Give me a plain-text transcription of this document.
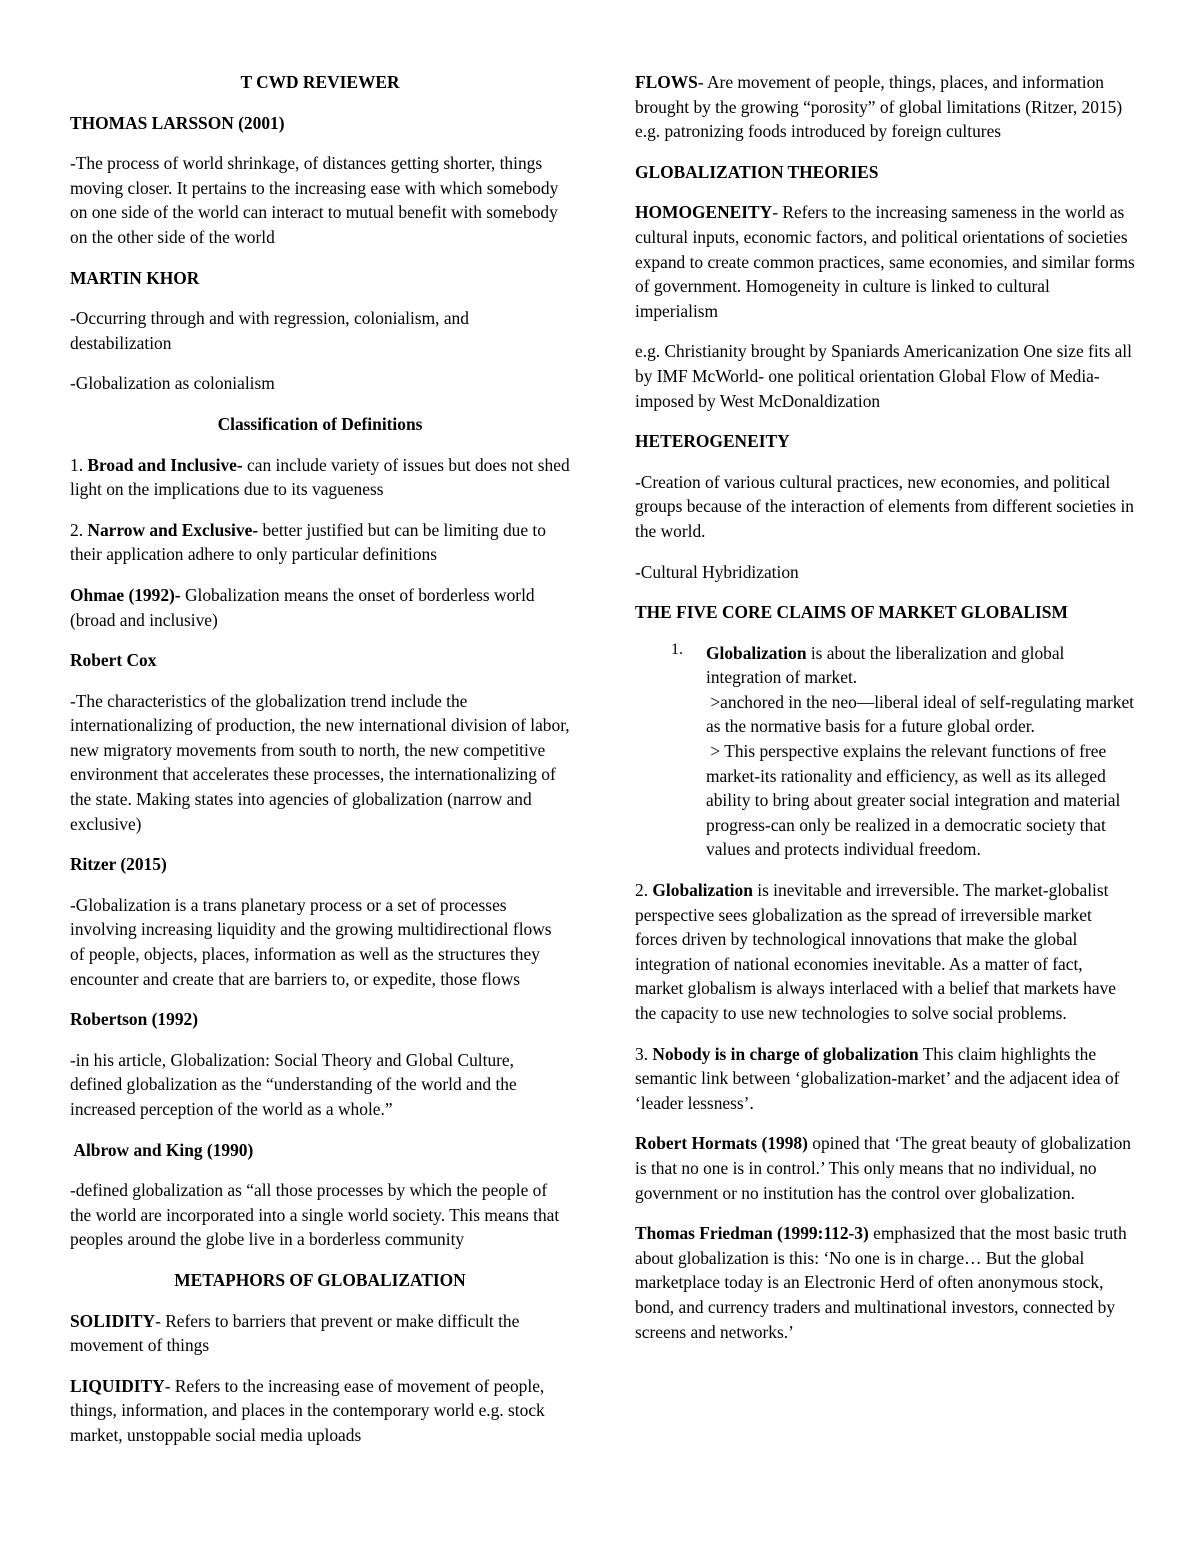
T CWD REVIEWER
THOMAS LARSSON (2001)

-The process of world shrinkage, of distances getting shorter, things moving closer. It pertains to the increasing ease with which somebody on one side of the world can interact to mutual benefit with somebody on the other side of the world

MARTIN KHOR

-Occurring through and with regression, colonialism, and destabilization

-Globalization as colonialism

Classification of Definitions

1. Broad and Inclusive- can include variety of issues but does not shed light on the implications due to its vagueness

2. Narrow and Exclusive- better justified but can be limiting due to their application adhere to only particular definitions

Ohmae (1992)- Globalization means the onset of borderless world (broad and inclusive)

Robert Cox

-The characteristics of the globalization trend include the internationalizing of production, the new international division of labor, new migratory movements from south to north, the new competitive environment that accelerates these processes, the internationalizing of the state. Making states into agencies of globalization (narrow and exclusive)

Ritzer (2015)

-Globalization is a trans planetary process or a set of processes involving increasing liquidity and the growing multidirectional flows of people, objects, places, information as well as the structures they encounter and create that are barriers to, or expedite, those flows

Robertson (1992)

-in his article, Globalization: Social Theory and Global Culture, defined globalization as the “understanding of the world and the increased perception of the world as a whole.”

Albrow and King (1990)

-defined globalization as “all those processes by which the people of the world are incorporated into a single world society. This means that peoples around the globe live in a borderless community

METAPHORS OF GLOBALIZATION

SOLIDITY- Refers to barriers that prevent or make difficult the movement of things

LIQUIDITY- Refers to the increasing ease of movement of people, things, information, and places in the contemporary world e.g. stock market, unstoppable social media uploads

FLOWS- Are movement of people, things, places, and information brought by the growing “porosity” of global limitations (Ritzer, 2015) e.g. patronizing foods introduced by foreign cultures

GLOBALIZATION THEORIES

HOMOGENEITY- Refers to the increasing sameness in the world as cultural inputs, economic factors, and political orientations of societies expand to create common practices, same economies, and similar forms of government. Homogeneity in culture is linked to cultural imperialism

e.g. Christianity brought by Spaniards Americanization One size fits all by IMF McWorld- one political orientation Global Flow of Media- imposed by West McDonaldization

HETEROGENEITY

-Creation of various cultural practices, new economies, and political groups because of the interaction of elements from different societies in the world.

-Cultural Hybridization

THE FIVE CORE CLAIMS OF MARKET GLOBALISM
1.	Globalization is about the liberalization and global integration of market.

>anchored in the neo—liberal ideal of self-regulating market as the normative basis for a future global order.

> This perspective explains the relevant functions of free market-its rationality and efficiency, as well as its alleged ability to bring about greater social integration and material progress-can only be realized in a democratic society that values and protects individual freedom.

2. Globalization is inevitable and irreversible. The market-globalist perspective sees globalization as the spread of irreversible market forces driven by technological innovations that make the global integration of national economies inevitable. As a matter of fact, market globalism is always interlaced with a belief that markets have the capacity to use new technologies to solve social problems.

3. Nobody is in charge of globalization This claim highlights the semantic link between ‘globalization-market’ and the adjacent idea of ‘leader lessness’.

Robert Hormats (1998) opined that ‘The great beauty of globalization is that no one is in control.’ This only means that no individual, no government or no institution has the control over globalization.

Thomas Friedman (1999:112-3) emphasized that the most basic truth about globalization is this: ‘No one is in charge… But the global marketplace today is an Electronic Herd of often anonymous stock, bond, and currency traders and multinational investors, connected by screens and networks.’
